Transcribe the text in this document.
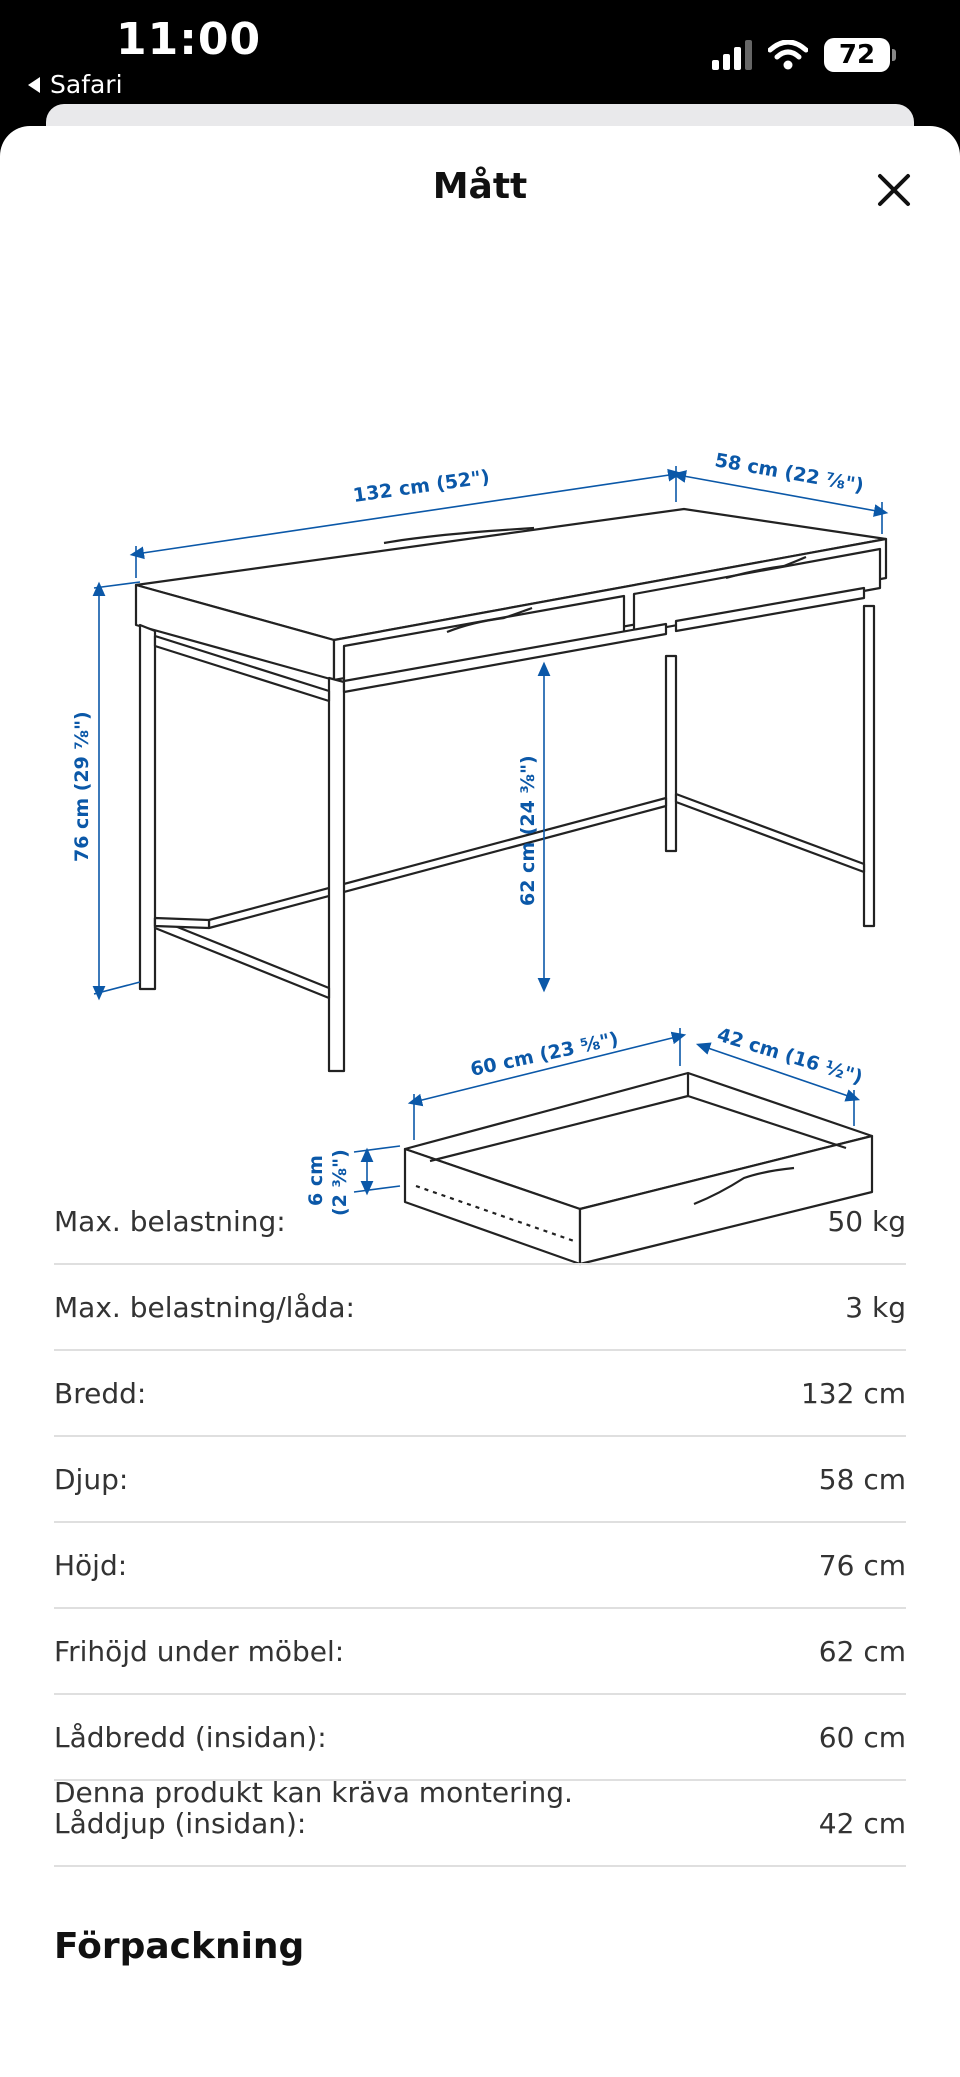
11:00
Safari
72
Mått
132 cm (52")	58 cm (22 ⅞")
76 cm (29 ⅞")	62 cm (24 ⅜")
60 cm (23 ⅝")	42 cm (16 ½")
6 cm (2 ⅜")
Max. belastning:	50 kg
Max. belastning/låda:	3 kg
Bredd:	132 cm
Djup:	58 cm
Höjd:	76 cm
Frihöjd under möbel:	62 cm
Lådbredd (insidan):	60 cm
Låddjup (insidan):	42 cm
Denna produkt kan kräva montering.
Förpackning
